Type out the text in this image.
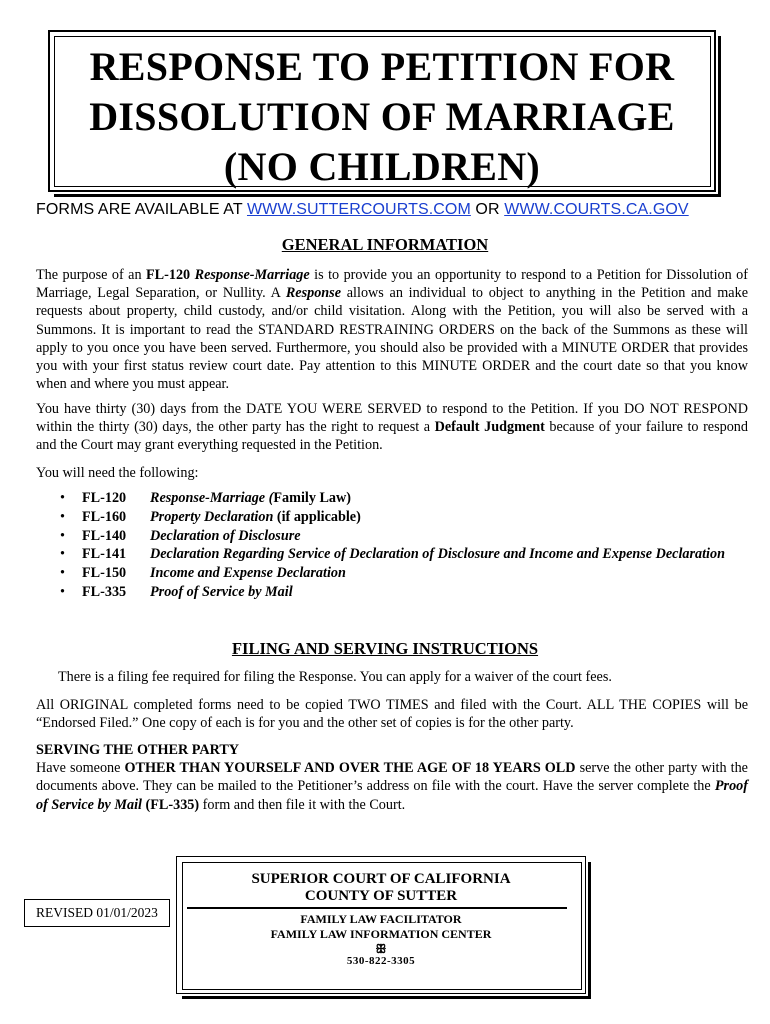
RESPONSE TO PETITION FOR
DISSOLUTION OF MARRIAGE
(NO CHILDREN)
FORMS ARE AVAILABLE AT WWW.SUTTERCOURTS.COM OR WWW.COURTS.CA.GOV
GENERAL INFORMATION
The purpose of an FL-120 Response-Marriage is to provide you an opportunity to respond to a Petition for Dissolution of Marriage, Legal Separation, or Nullity. A Response allows an individual to object to anything in the Petition and make requests about property, child custody, and/or child visitation. Along with the Petition, you will also be served with a Summons. It is important to read the STANDARD RESTRAINING ORDERS on the back of the Summons as these will apply to you once you have been served. Furthermore, you should also be provided with a MINUTE ORDER that provides you with your first status review court date. Pay attention to this MINUTE ORDER and the court date so that you know when and where you must appear.
You have thirty (30) days from the DATE YOU WERE SERVED to respond to the Petition. If you DO NOT RESPOND within the thirty (30) days, the other party has the right to request a Default Judgment because of your failure to respond and the Court may grant everything requested in the Petition.
You will need the following:
• FL-120	Response-Marriage (Family Law)
• FL-160	Property Declaration (if applicable)
• FL-140	Declaration of Disclosure
• FL-141	Declaration Regarding Service of Declaration of Disclosure and Income and Expense Declaration
• FL-150	Income and Expense Declaration
• FL-335	Proof of Service by Mail
FILING AND SERVING INSTRUCTIONS
There is a filing fee required for filing the Response. You can apply for a waiver of the court fees.
All ORIGINAL completed forms need to be copied TWO TIMES and filed with the Court. ALL THE COPIES will be “Endorsed Filed.” One copy of each is for you and the other set of copies is for the other party.
SERVING THE OTHER PARTY
Have someone OTHER THAN YOURSELF AND OVER THE AGE OF 18 YEARS OLD serve the other party with the documents above. They can be mailed to the Petitioner’s address on file with the court. Have the server complete the Proof of Service by Mail (FL-335) form and then file it with the Court.
REVISED 01/01/2023
SUPERIOR COURT OF CALIFORNIA
COUNTY OF SUTTER
FAMILY LAW FACILITATOR
FAMILY LAW INFORMATION CENTER
ꕥ
530-822-3305
